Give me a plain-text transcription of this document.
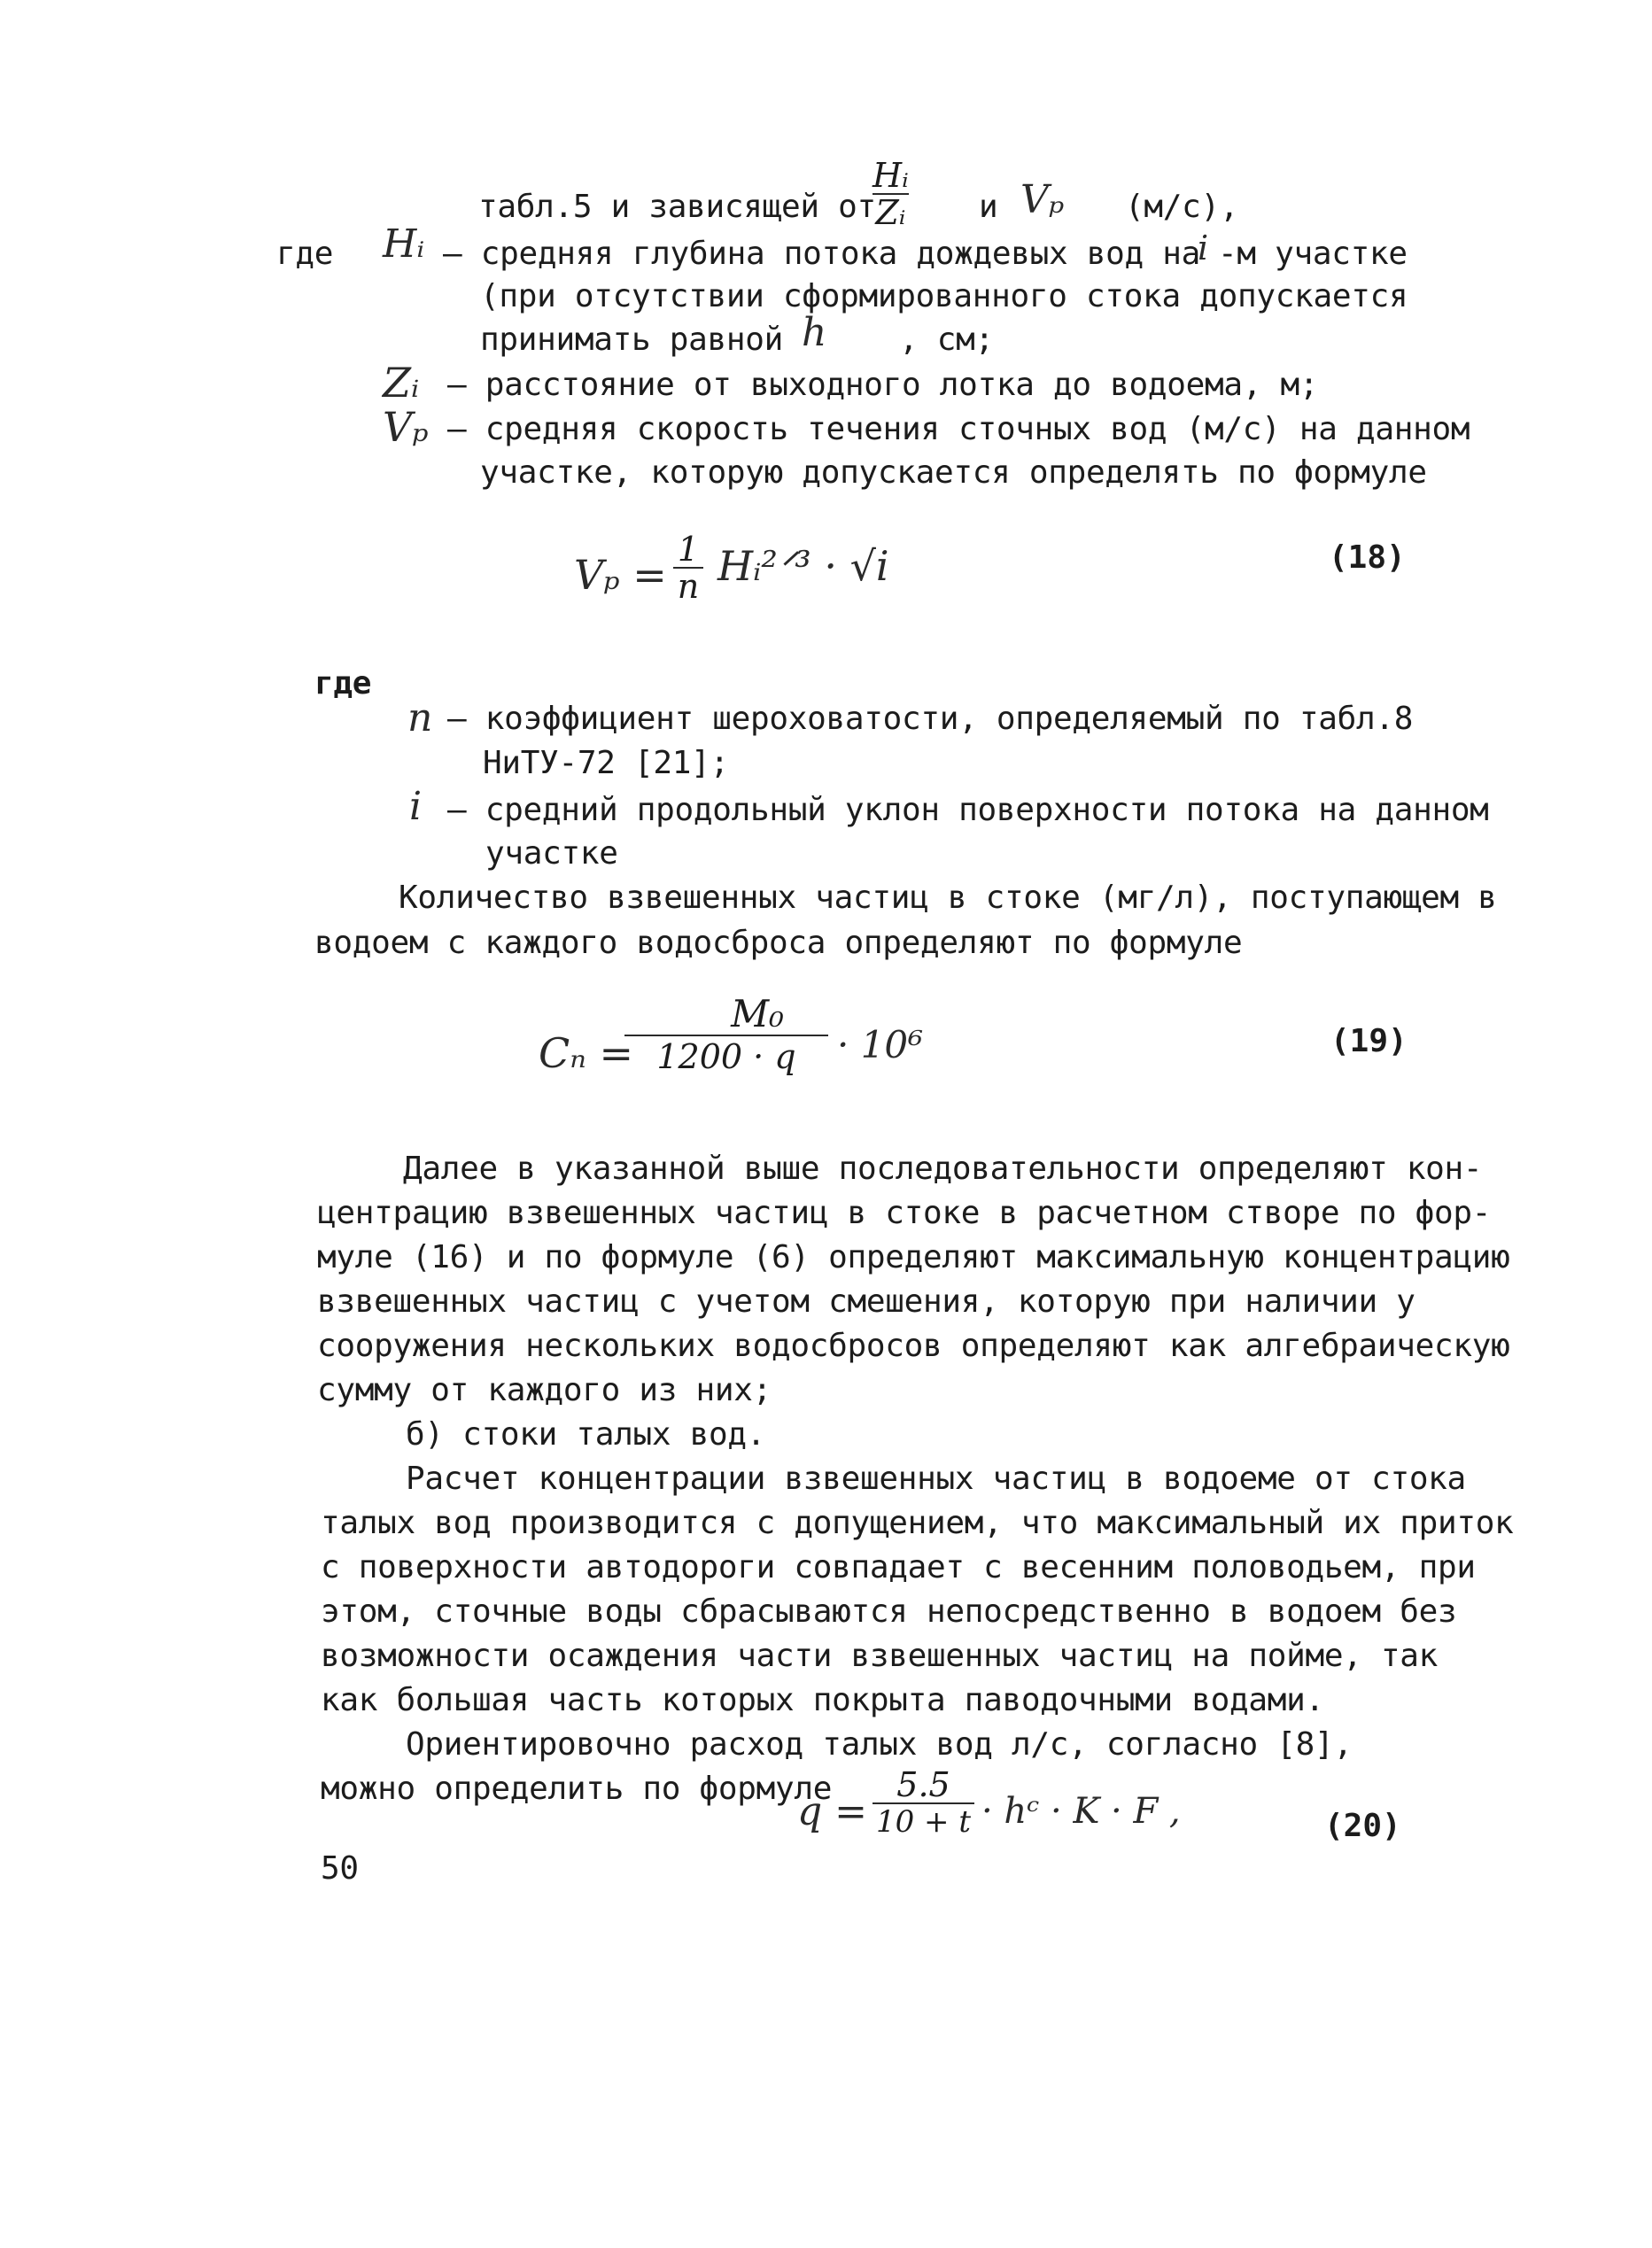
табл.5 и зависящей от
Hᵢ
Zᵢ и Vₚ (м/с),
где Hᵢ – средняя глубина потока дождевых вод на
i -м участке
(при отсутствии сформированного стока допускается
принимать равной h , см;
Zᵢ – расстояние от выходного лотка до водоема, м;
Vₚ – средняя скорость течения сточных вод (м/с) на данном
участке, которую допускается определять по формуле
Vₚ =
1
n Hᵢ²ᐟ³ · √i	(18)
где
n – коэффициент шероховатости, определяемый по табл.8
НиТУ-72 [21];
i – средний продольный уклон поверхности потока на данном
участке
Количество взвешенных частиц в стоке (мг/л), поступающем в
водоем с каждого водосброса определяют по формуле
Cₙ =
M₀
1200 · q · 10⁶	(19)
Далее в указанной выше последовательности определяют кон-
центрацию взвешенных частиц в стоке в расчетном створе по фор-
муле (16) и по формуле (6) определяют максимальную концентрацию
взвешенных частиц с учетом смешения, которую при наличии у
сооружения нескольких водосбросов определяют как алгебраическую
сумму от каждого из них;
б) стоки талых вод.
Расчет концентрации взвешенных частиц в водоеме от стока
талых вод производится с допущением, что максимальный их приток
с поверхности автодороги совпадает с весенним половодьем, при
этом, сточные воды сбрасываются непосредственно в водоем без
возможности осаждения части взвешенных частиц на пойме, так
как большая часть которых покрыта паводочными водами.
Ориентировочно расход талых вод л/с, согласно [8],
можно определить по формуле
q =
5.5
10 + t · hᶜ · K · F ,	(20)
50
